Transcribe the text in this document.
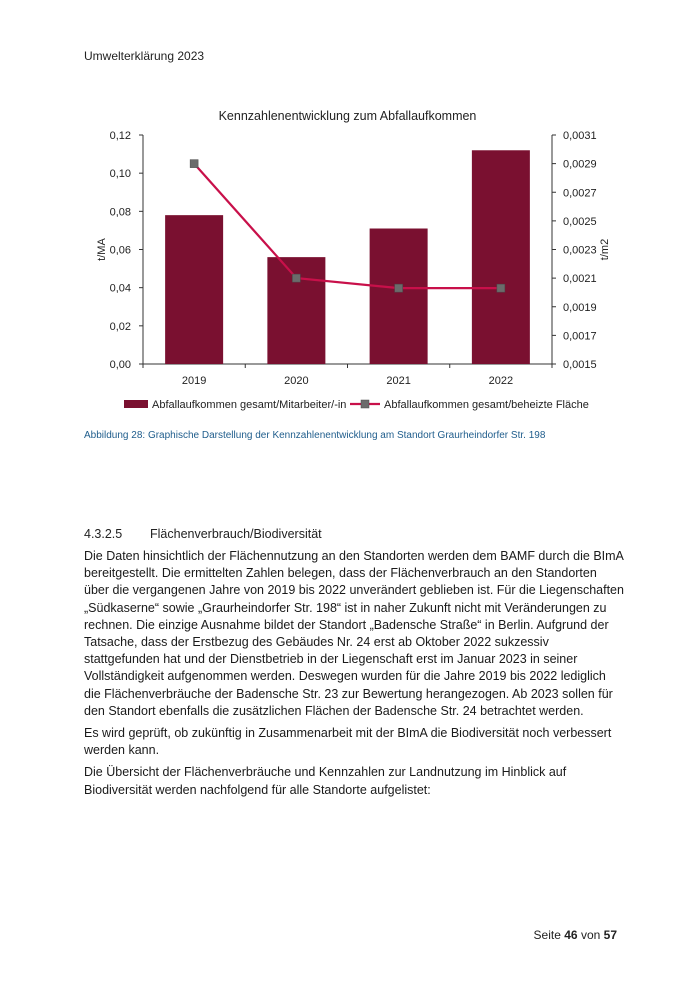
Umwelterklärung 2023
Kennzahlenentwicklung zum Abfallaufkommen
0,12
0,10
0,08
0,06
0,04
0,02
0,00
0,0031
0,0029
0,0027
0,0025
0,0023
0,0021
0,0019
0,0017
0,0015
t/MA	t/m2
2019	2020	2021	2022
Abfallaufkommen gesamt/Mitarbeiter/-in	Abfallaufkommen gesamt/beheizte Fläche
Abbildung 28: Graphische Darstellung der Kennzahlenentwicklung am Standort Graurheindorfer Str. 198
4.3.2.5 Flächenverbrauch/Biodiversität

Die Daten hinsichtlich der Flächennutzung an den Standorten werden dem BAMF durch die BImA bereitgestellt. Die ermittelten Zahlen belegen, dass der Flächenverbrauch an den Standorten über die vergangenen Jahre von 2019 bis 2022 unverändert geblieben ist. Für die Liegenschaften „Südkaserne“ sowie „Graurheindorfer Str. 198“ ist in naher Zukunft nicht mit Veränderungen zu rechnen. Die einzige Ausnahme bildet der Standort „Badensche Straße“ in Berlin. Aufgrund der Tatsache, dass der Erstbezug des Gebäudes Nr. 24 erst ab Oktober 2022 sukzessiv stattgefunden hat und der Dienstbetrieb in der Liegenschaft erst im Januar 2023 in seiner Vollständigkeit aufgenommen werden. Deswegen wurden für die Jahre 2019 bis 2022 lediglich die Flächenverbräuche der Badensche Str. 23 zur Bewertung herangezogen. Ab 2023 sollen für den Standort ebenfalls die zusätzlichen Flächen der Badensche Str. 24 betrachtet werden.

Es wird geprüft, ob zukünftig in Zusammenarbeit mit der BImA die Biodiversität noch verbessert werden kann.

Die Übersicht der Flächenverbräuche und Kennzahlen zur Landnutzung im Hinblick auf Biodiversität werden nachfolgend für alle Standorte aufgelistet:

Seite 46 von 57
